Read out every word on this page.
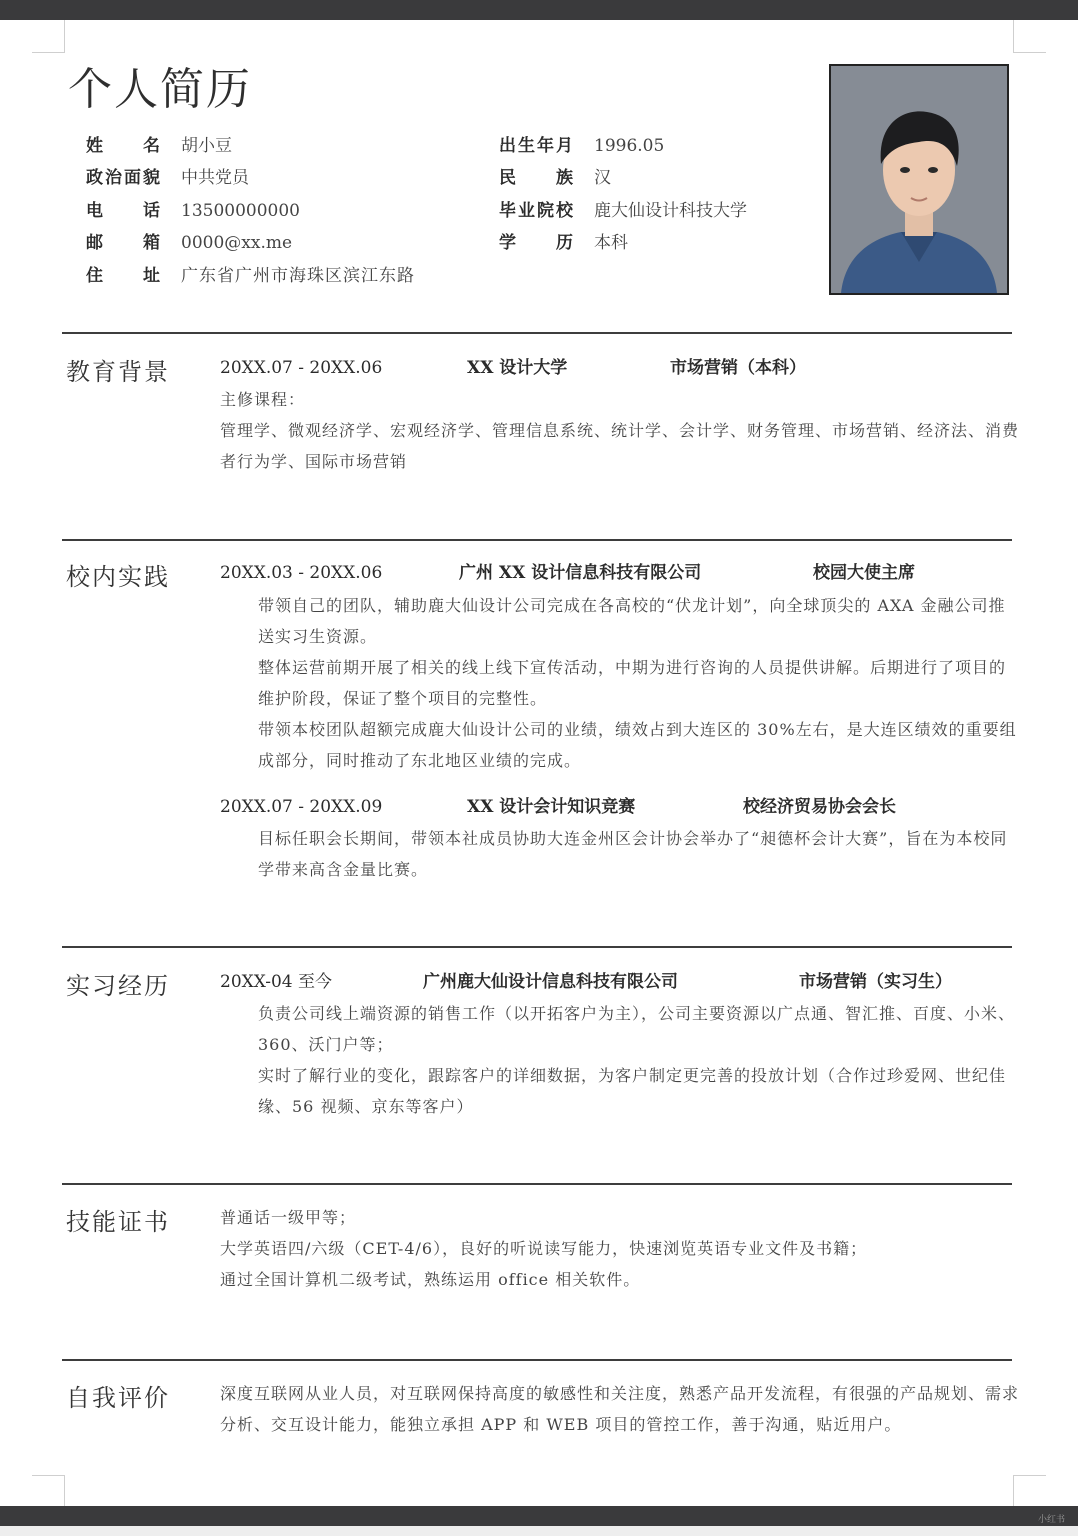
个人简历
姓名 胡小豆
政治面貌 中共党员
电话 13500000000
邮箱 0000@xx.me
住址 广东省广州市海珠区滨江东路
出生年月 1996.05
民族 汉
毕业院校 鹿大仙设计科技大学
学历 本科
教育背景	20XX.07 - 20XX.06	XX 设计大学	市场营销（本科）
主修课程：
管理学、微观经济学、宏观经济学、管理信息系统、统计学、会计学、财务管理、市场营销、经济法、消费者行为学、国际市场营销
校内实践	20XX.03 - 20XX.06	广州 XX 设计信息科技有限公司	校园大使主席
带领自己的团队，辅助鹿大仙设计公司完成在各高校的“伏龙计划”，向全球顶尖的 AXA 金融公司推送实习生资源。
整体运营前期开展了相关的线上线下宣传活动，中期为进行咨询的人员提供讲解。后期进行了项目的维护阶段，保证了整个项目的完整性。
带领本校团队超额完成鹿大仙设计公司的业绩，绩效占到大连区的 30%左右，是大连区绩效的重要组成部分，同时推动了东北地区业绩的完成。
20XX.07 - 20XX.09	XX 设计会计知识竞赛	校经济贸易协会会长
目标任职会长期间，带领本社成员协助大连金州区会计协会举办了“昶德杯会计大赛”，旨在为本校同学带来高含金量比赛。
实习经历	20XX-04 至今	广州鹿大仙设计信息科技有限公司	市场营销（实习生）
负责公司线上端资源的销售工作（以开拓客户为主），公司主要资源以广点通、智汇推、百度、小米、360、沃门户等；
实时了解行业的变化，跟踪客户的详细数据，为客户制定更完善的投放计划（合作过珍爱网、世纪佳缘、56 视频、京东等客户）
技能证书	普通话一级甲等；
大学英语四/六级（CET-4/6），良好的听说读写能力，快速浏览英语专业文件及书籍；
通过全国计算机二级考试，熟练运用 office 相关软件。
自我评价	深度互联网从业人员，对互联网保持高度的敏感性和关注度，熟悉产品开发流程，有很强的产品规划、需求分析、交互设计能力，能独立承担 APP 和 WEB 项目的管控工作，善于沟通，贴近用户。
小红书
